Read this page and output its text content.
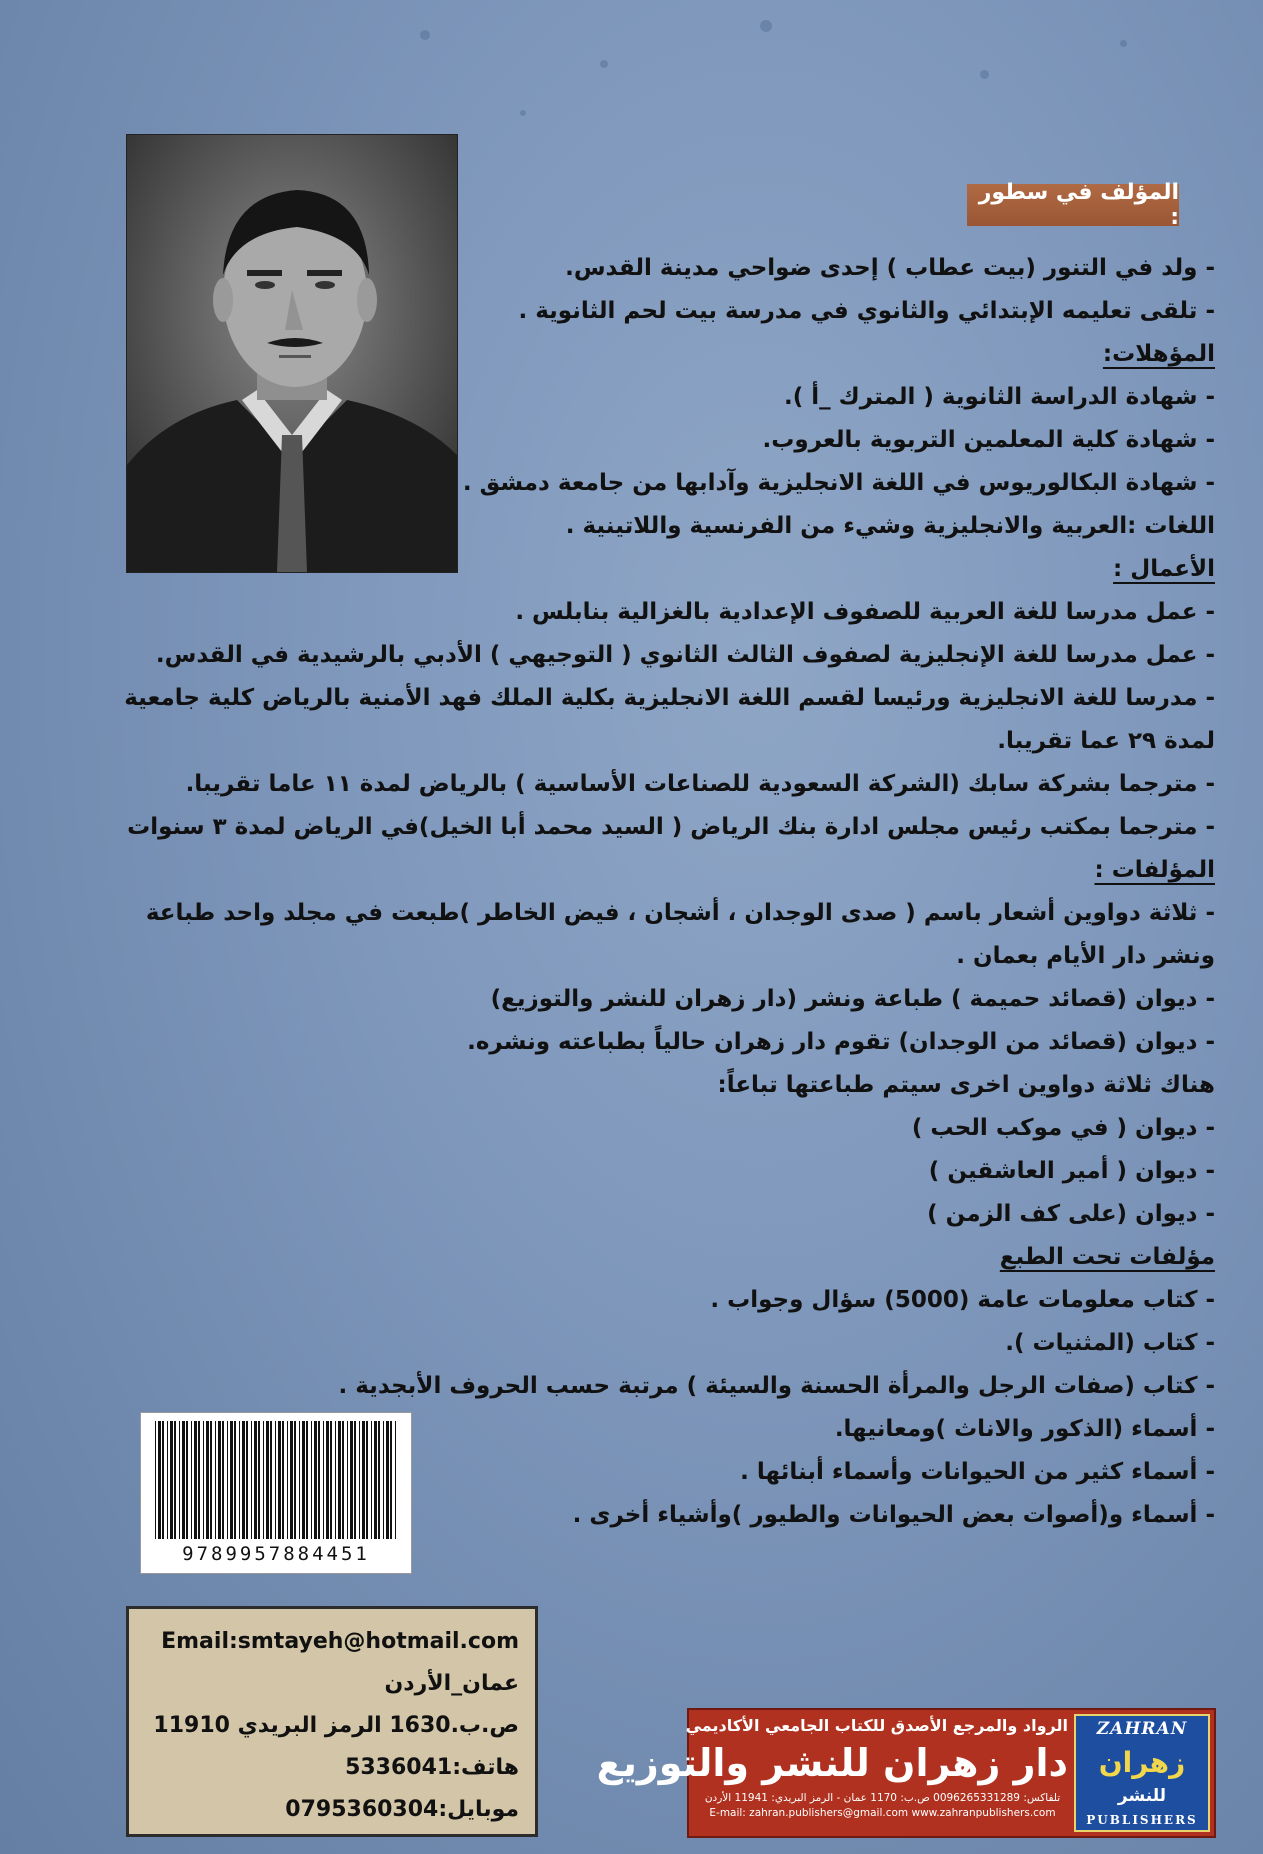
المؤلف في سطور :
- ولد في التنور (بيت عطاب ) إحدى ضواحي مدينة القدس.
- تلقى تعليمه الإبتدائي والثانوي في مدرسة بيت لحم الثانوية .
المؤهلات:
- شهادة الدراسة الثانوية ( المترك _أ ).
- شهادة كلية المعلمين التربوية بالعروب.
- شهادة البكالوريوس في اللغة الانجليزية وآدابها من جامعة دمشق .
اللغات :العربية والانجليزية وشيء من الفرنسية واللاتينية .
الأعمال :
- عمل مدرسا للغة العربية للصفوف الإعدادية بالغزالية بنابلس .
- عمل مدرسا للغة الإنجليزية لصفوف الثالث الثانوي ( التوجيهي ) الأدبي بالرشيدية في القدس.
- مدرسا للغة الانجليزية ورئيسا لقسم اللغة الانجليزية بكلية الملك فهد الأمنية بالرياض كلية جامعية
لمدة ٢٩ عما تقريبا.
- مترجما بشركة سابك (الشركة السعودية للصناعات الأساسية ) بالرياض لمدة ١١ عاما تقريبا.
- مترجما بمكتب رئيس مجلس ادارة بنك الرياض ( السيد محمد أبا الخيل)في الرياض لمدة ٣ سنوات
المؤلفات :
- ثلاثة دواوين أشعار باسم ( صدى الوجدان ، أشجان ، فيض الخاطر )طبعت في مجلد واحد طباعة
ونشر دار الأيام بعمان .
- ديوان (قصائد حميمة ) طباعة ونشر (دار زهران للنشر والتوزيع)
- ديوان (قصائد من الوجدان) تقوم دار زهران حالياً بطباعته ونشره.
هناك ثلاثة دواوين اخرى سيتم طباعتها تباعاً:
- ديوان ( في موكب الحب )
- ديوان ( أمير العاشقين )
- ديوان (على كف الزمن )
مؤلفات تحت الطبع
- كتاب معلومات عامة (5000) سؤال وجواب .
- كتاب (المثنيات ).
- كتاب (صفات الرجل والمرأة الحسنة والسيئة ) مرتبة حسب الحروف الأبجدية .
- أسماء (الذكور والاناث )ومعانيها.
- أسماء كثير من الحيوانات وأسماء أبنائها .
- أسماء و(أصوات بعض الحيوانات والطيور )وأشياء أخرى .
9789957884451
Email:smtayeh@hotmail.com
عمان_الأردن
ص.ب.1630 الرمز البريدي 11910
هاتف:5336041
موبايل:0795360304
ZAHRAN
زهران
للنشر
PUBLISHERS
الرواد والمرجع الأصدق للكتاب الجامعي الأكاديمي
دار زهران للنشر والتوزيع
تلفاكس: 0096265331289 ص.ب: 1170 عمان - الرمز البريدي: 11941 الأردن
E-mail: zahran.publishers@gmail.com www.zahranpublishers.com
